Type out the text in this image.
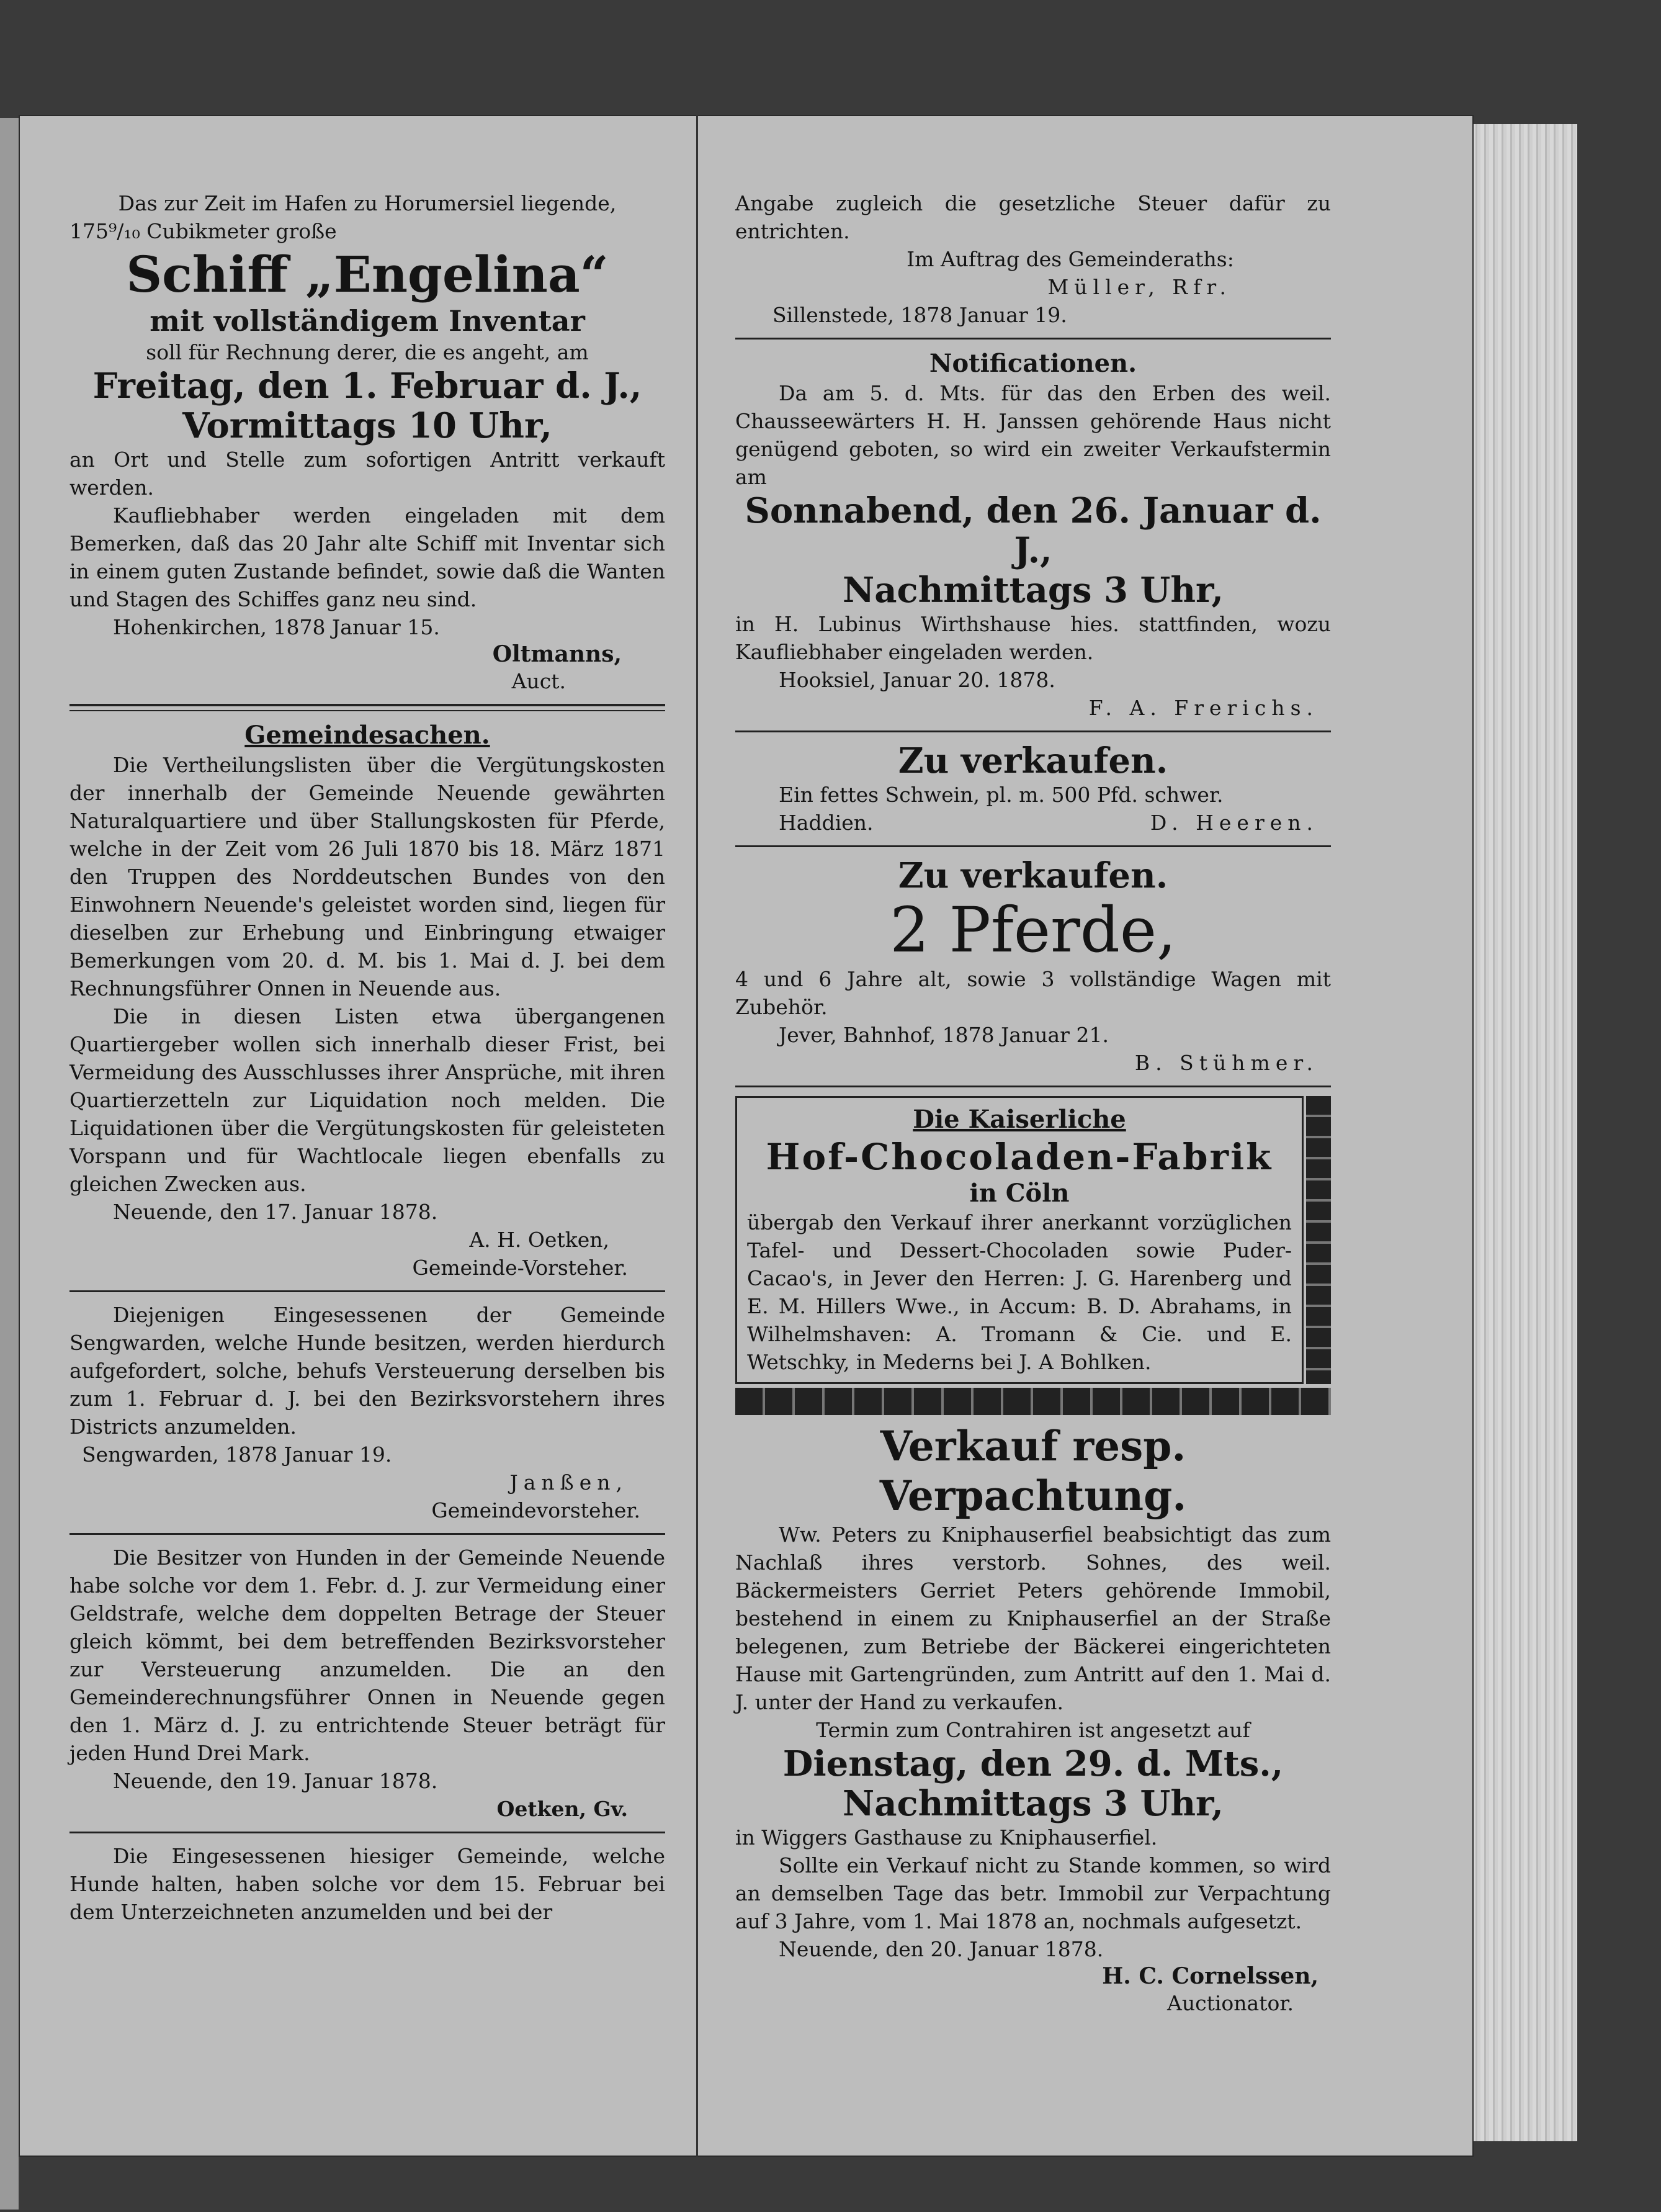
Das zur Zeit im Hafen zu Horumersiel liegende,

175⁹/₁₀ Cubikmeter große

Schiff „Engelina“

mit vollständigem Inventar

soll für Rechnung derer, die es angeht, am

Freitag, den 1. Februar d. J.,

Vormittags 10 Uhr,

an Ort und Stelle zum sofortigen Antritt verkauft werden.

Kaufliebhaber werden eingeladen mit dem Bemerken, daß das 20 Jahr alte Schiff mit Inventar sich in einem guten Zustande befindet, sowie daß die Wanten und Stagen des Schiffes ganz neu sind.

Hohenkirchen, 1878 Januar 15.

Oltmanns,

Auct.

Gemeindesachen.

Die Vertheilungslisten über die Vergütungskosten der innerhalb der Gemeinde Neuende gewährten Naturalquartiere und über Stallungskosten für Pferde, welche in der Zeit vom 26 Juli 1870 bis 18. März 1871 den Truppen des Norddeutschen Bundes von den Einwohnern Neuende's geleistet worden sind, liegen für dieselben zur Erhebung und Einbringung etwaiger Bemerkungen vom 20. d. M. bis 1. Mai d. J. bei dem Rechnungsführer Onnen in Neuende aus.

Die in diesen Listen etwa übergangenen Quartiergeber wollen sich innerhalb dieser Frist, bei Vermeidung des Ausschlusses ihrer Ansprüche, mit ihren Quartierzetteln zur Liquidation noch melden. Die Liquidationen über die Vergütungskosten für geleisteten Vorspann und für Wachtlocale liegen ebenfalls zu gleichen Zwecken aus.

Neuende, den 17. Januar 1878.

A. H. Oetken,

Gemeinde-Vorsteher.

Diejenigen Eingesessenen der Gemeinde Sengwarden, welche Hunde besitzen, werden hierdurch aufgefordert, solche, behufs Versteuerung derselben bis zum 1. Februar d. J. bei den Bezirksvorstehern ihres Districts anzumelden.

Sengwarden, 1878 Januar 19.

Janßen,

Gemeindevorsteher.

Die Besitzer von Hunden in der Gemeinde Neuende habe solche vor dem 1. Febr. d. J. zur Vermeidung einer Geldstrafe, welche dem doppelten Betrage der Steuer gleich kömmt, bei dem betreffenden Bezirksvorsteher zur Versteuerung anzumelden. Die an den Gemeinderechnungsführer Onnen in Neuende gegen den 1. März d. J. zu entrichtende Steuer beträgt für jeden Hund Drei Mark.

Neuende, den 19. Januar 1878.

Oetken, Gv.

Die Eingesessenen hiesiger Gemeinde, welche Hunde halten, haben solche vor dem 15. Februar bei dem Unterzeichneten anzumelden und bei der

Angabe zugleich die gesetzliche Steuer dafür zu entrichten.

Im Auftrag des Gemeinderaths:

Müller, Rfr.

Sillenstede, 1878 Januar 19.

Notificationen.

Da am 5. d. Mts. für das den Erben des weil. Chausseewärters H. H. Janssen gehörende Haus nicht genügend geboten, so wird ein zweiter Verkaufstermin am

Sonnabend, den 26. Januar d. J.,

Nachmittags 3 Uhr,

in H. Lubinus Wirthshause hies. stattfinden, wozu Kaufliebhaber eingeladen werden.

Hooksiel, Januar 20. 1878.

F. A. Frerichs.

Zu verkaufen.

Ein fettes Schwein, pl. m. 500 Pfd. schwer.

Haddien.	D. Heeren.

Zu verkaufen.

2 Pferde,

4 und 6 Jahre alt, sowie 3 vollständige Wagen mit Zubehör.

Jever, Bahnhof, 1878 Januar 21.

B. Stühmer.

Die Kaiserliche

Hof-Chocoladen-Fabrik

in Cöln

übergab den Verkauf ihrer anerkannt vorzüglichen Tafel- und Dessert-Chocoladen sowie Puder-Cacao's, in Jever den Herren: J. G. Harenberg und E. M. Hillers Wwe., in Accum: B. D. Abrahams, in Wilhelmshaven: A. Tromann & Cie. und E. Wetschky, in Mederns bei J. A Bohlken.

Verkauf resp. Verpachtung.

Ww. Peters zu Kniphauserfiel beabsichtigt das zum Nachlaß ihres verstorb. Sohnes, des weil. Bäckermeisters Gerriet Peters gehörende Immobil, bestehend in einem zu Kniphauserfiel an der Straße belegenen, zum Betriebe der Bäckerei eingerichteten Hause mit Gartengründen, zum Antritt auf den 1. Mai d. J. unter der Hand zu verkaufen.

Termin zum Contrahiren ist angesetzt auf

Dienstag, den 29. d. Mts.,

Nachmittags 3 Uhr,

in Wiggers Gasthause zu Kniphauserfiel.

Sollte ein Verkauf nicht zu Stande kommen, so wird an demselben Tage das betr. Immobil zur Verpachtung auf 3 Jahre, vom 1. Mai 1878 an, nochmals aufgesetzt.

Neuende, den 20. Januar 1878.

H. C. Cornelssen,

Auctionator.
